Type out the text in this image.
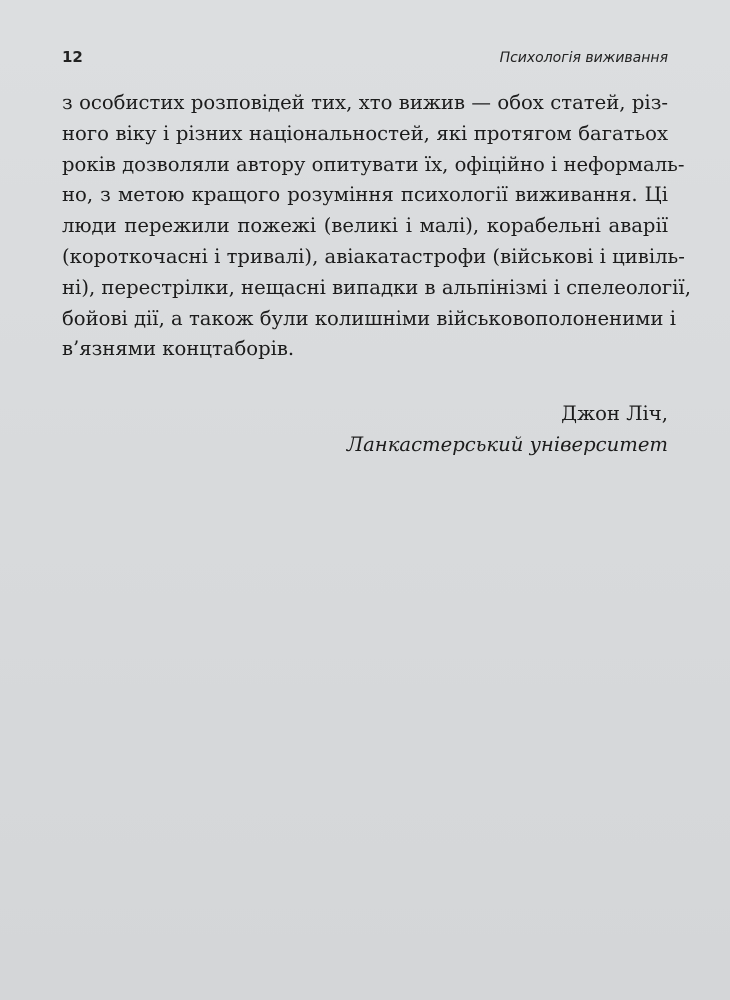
12	Психологія виживання
з особистих розповідей тих, хто вижив — обох статей, різ-
ного віку і різних національностей, які протягом багатьох
років дозволяли автору опитувати їх, офіційно і неформаль-
но, з метою кращого розуміння психології виживання. Ці
люди пережили пожежі (великі і малі), корабельні аварії
(короткочасні і тривалі), авіакатастрофи (військові і цивіль-
ні), перестрілки, нещасні випадки в альпінізмі і спелеології,
бойові дії, а також були колишніми військовополоненими і
в’язнями концтаборів.
Джон Ліч,
Ланкастерський університет
